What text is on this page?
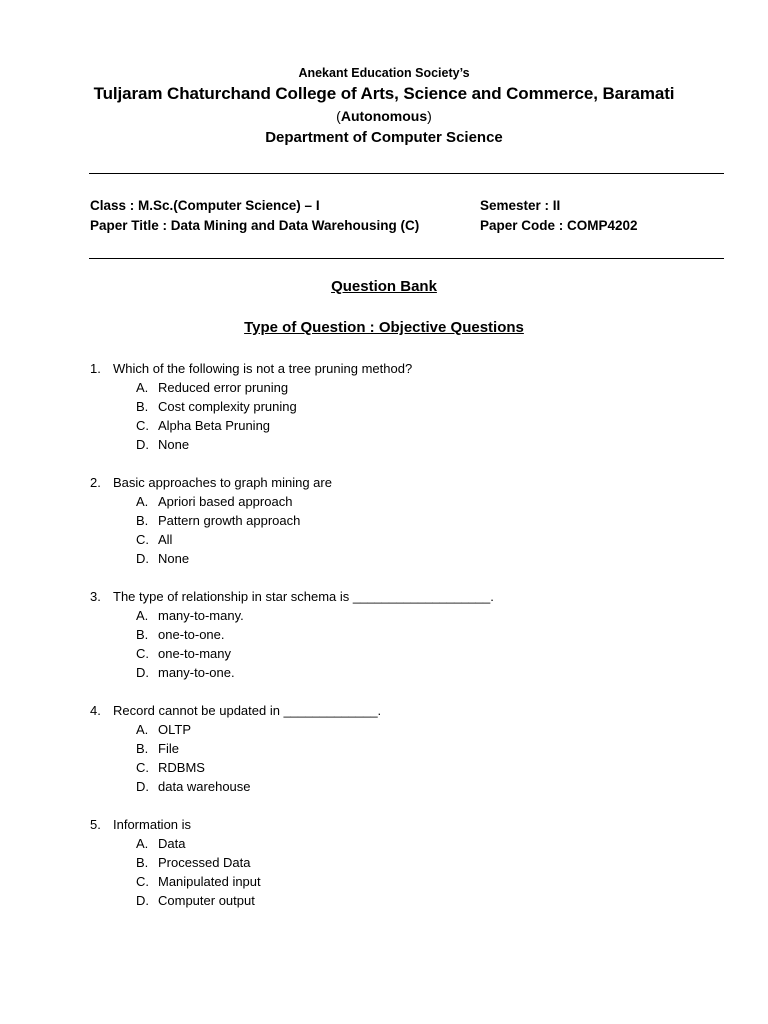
Anekant Education Society’s
Tuljaram Chaturchand College of Arts, Science and Commerce, Baramati
(Autonomous)
Department of Computer Science
Class : M.Sc.(Computer Science) – I
Paper Title : Data Mining and Data Warehousing (C)
Semester : II
Paper Code : COMP4202
Question Bank
Type of Question : Objective Questions
1. Which of the following is not a tree pruning method?
A. Reduced error pruning
B. Cost complexity pruning
C. Alpha Beta Pruning
D. None
2. Basic approaches to graph mining are
A. Apriori based approach
B. Pattern growth approach
C. All
D. None
3. The type of relationship in star schema is ___________________.
A. many-to-many.
B. one-to-one.
C. one-to-many
D. many-to-one.
4. Record cannot be updated in _____________.
A. OLTP
B. File
C. RDBMS
D. data warehouse
5. Information is
A. Data
B. Processed Data
C. Manipulated input
D. Computer output
